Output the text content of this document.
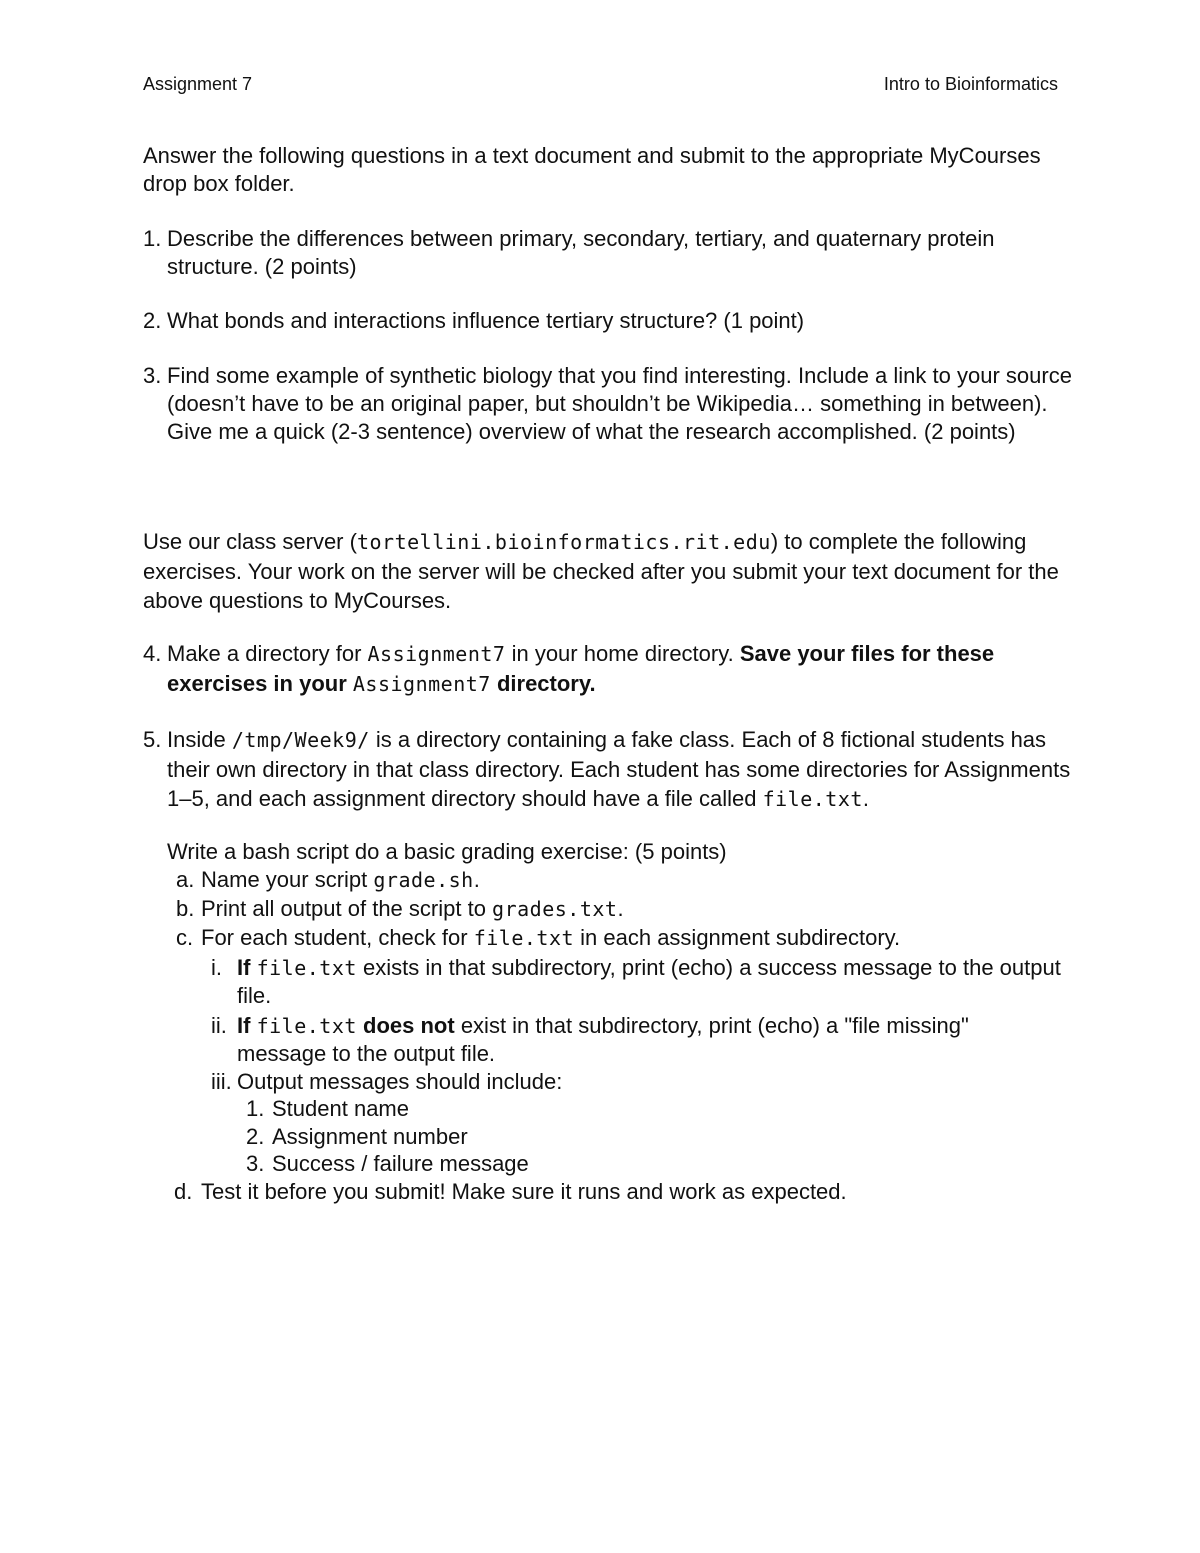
Assignment 7	Intro to Bioinformatics
Answer the following questions in a text document and submit to the appropriate MyCourses drop box folder.
1. Describe the differences between primary, secondary, tertiary, and quaternary protein structure. (2 points)
2. What bonds and interactions influence tertiary structure? (1 point)
3. Find some example of synthetic biology that you find interesting. Include a link to your source (doesn’t have to be an original paper, but shouldn’t be Wikipedia… something in between). Give me a quick (2-3 sentence) overview of what the research accomplished. (2 points)
Use our class server (tortellini.bioinformatics.rit.edu) to complete the following exercises. Your work on the server will be checked after you submit your text document for the above questions to MyCourses.
4. Make a directory for Assignment7 in your home directory. Save your files for these exercises in your Assignment7 directory.
5. Inside /tmp/Week9/ is a directory containing a fake class. Each of 8 fictional students has their own directory in that class directory. Each student has some directories for Assignments 1–5, and each assignment directory should have a file called file.txt.
Write a bash script do a basic grading exercise: (5 points)
a. Name your script grade.sh.
b. Print all output of the script to grades.txt.
c. For each student, check for file.txt in each assignment subdirectory.
i. If file.txt exists in that subdirectory, print (echo) a success message to the output file.
ii. If file.txt does not exist in that subdirectory, print (echo) a "file missing" message to the output file.
iii. Output messages should include:
1. Student name
2. Assignment number
3. Success / failure message
d. Test it before you submit! Make sure it runs and work as expected.
